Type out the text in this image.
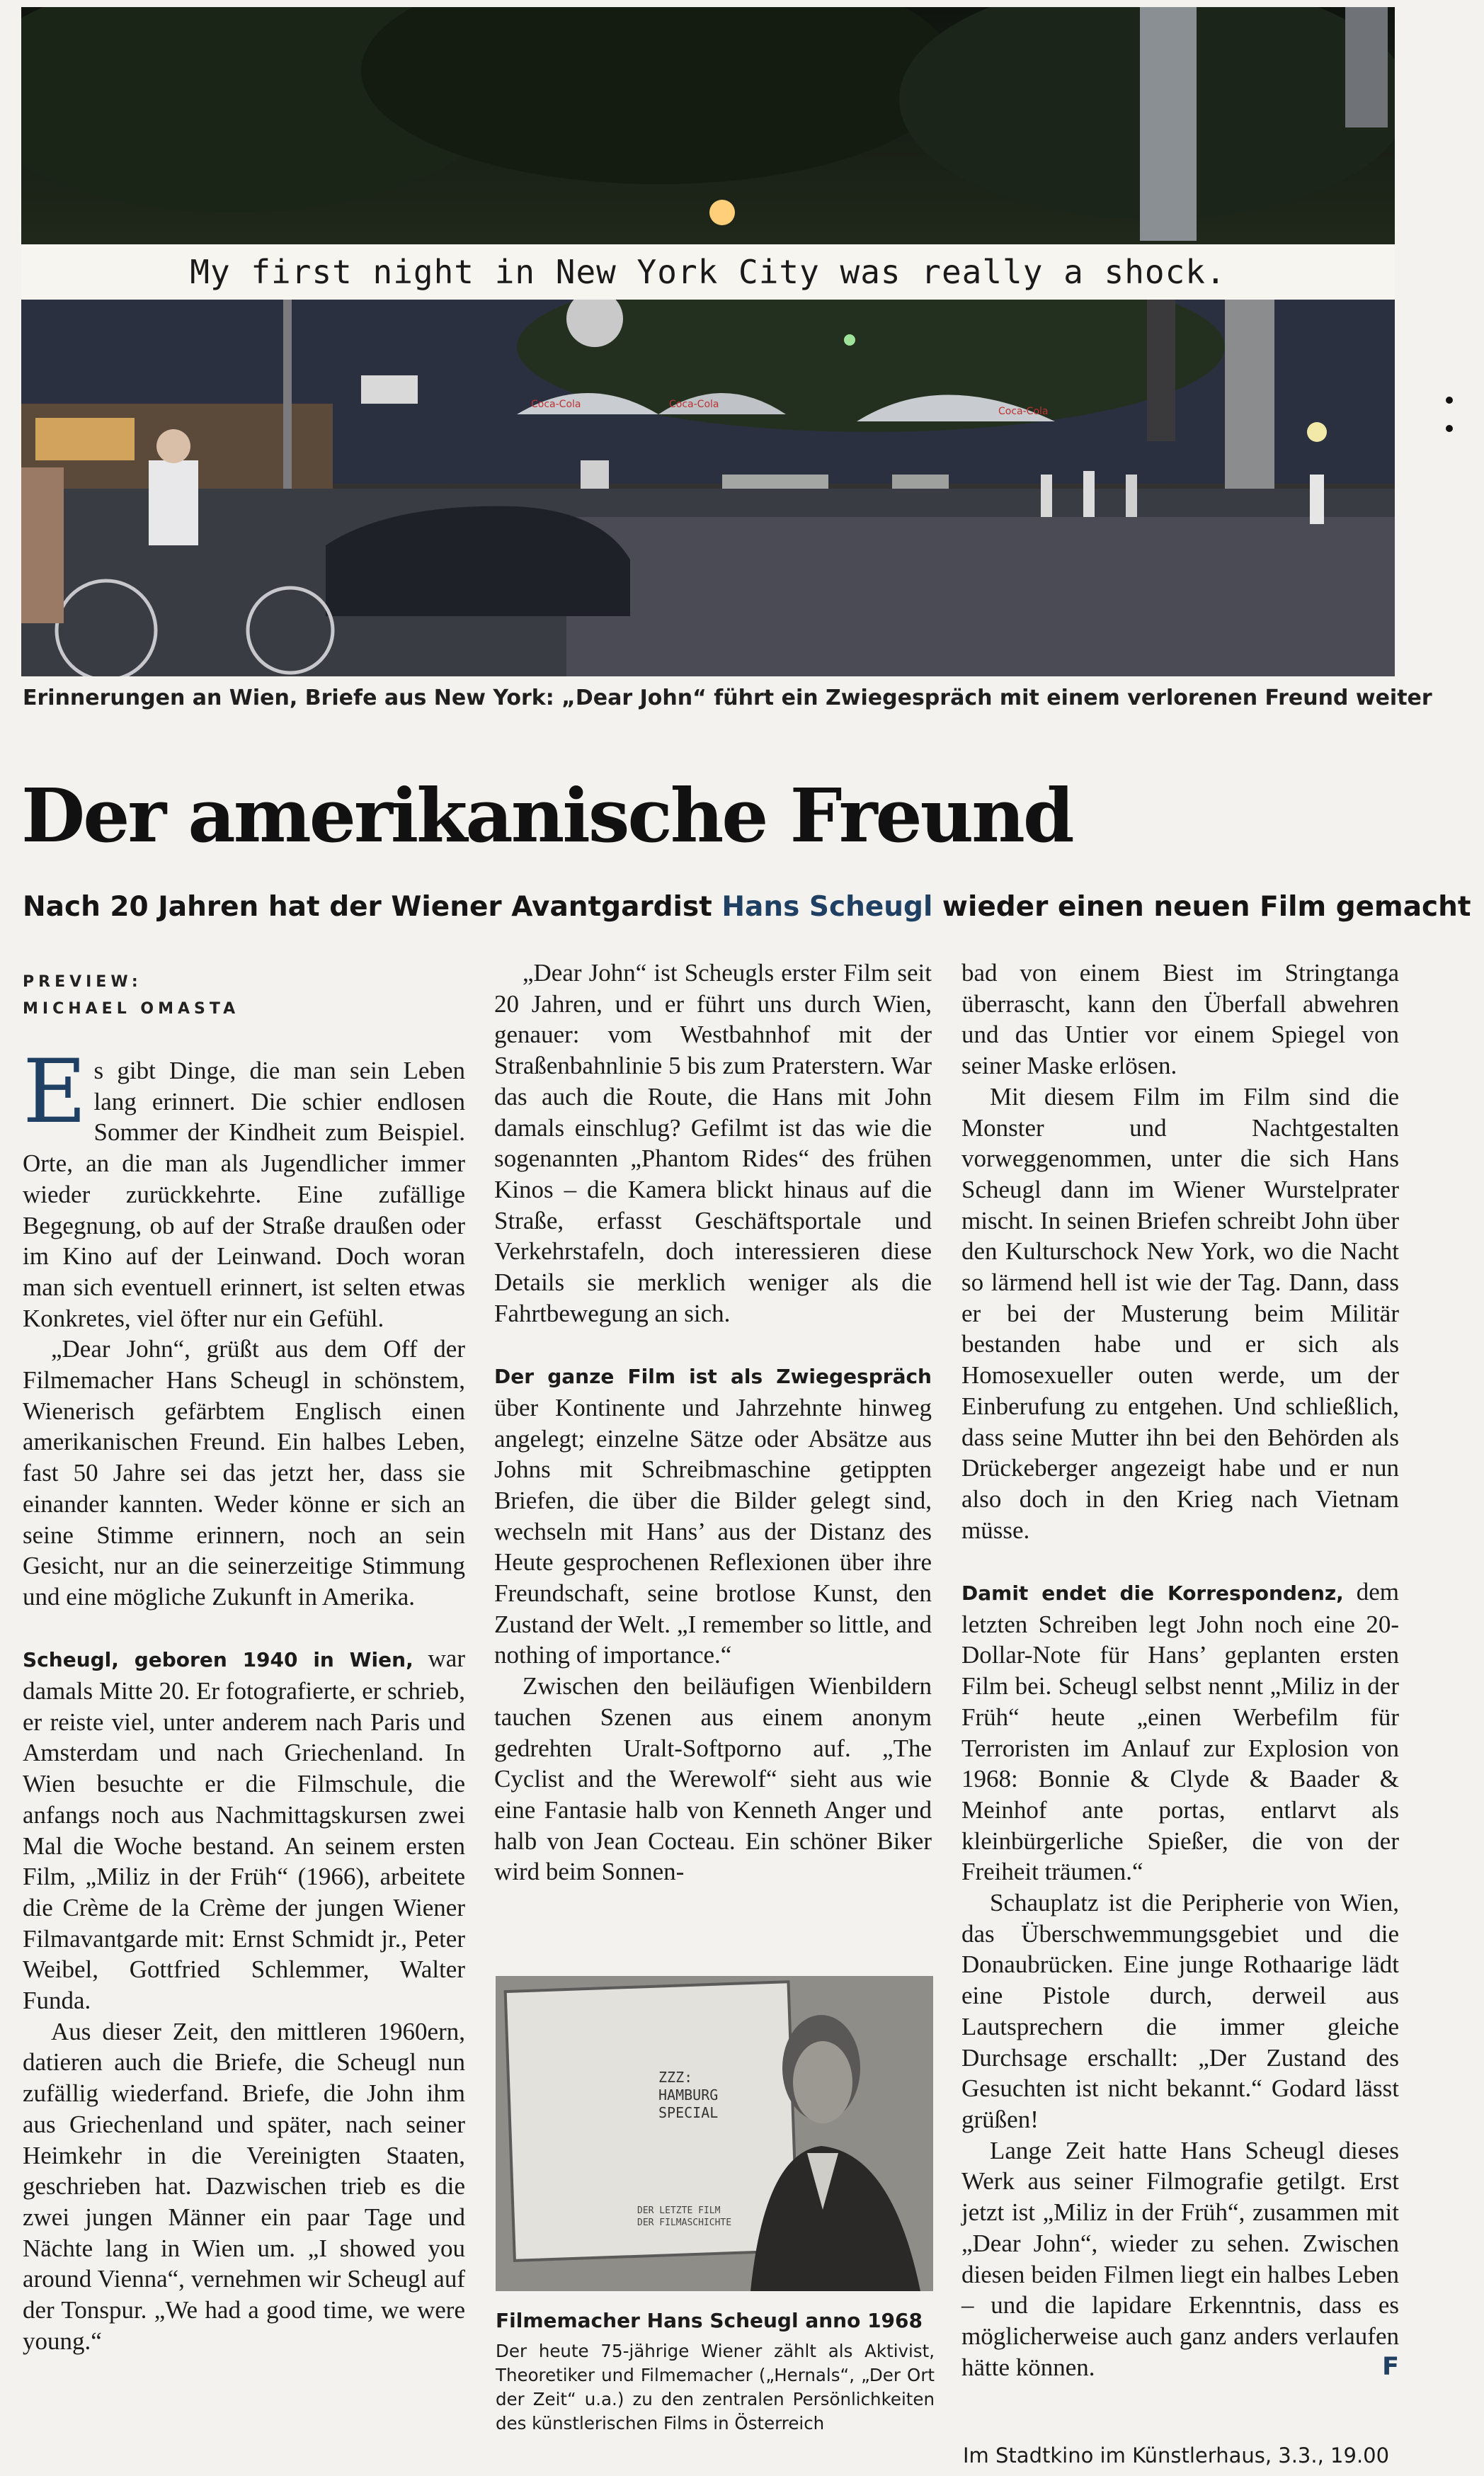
Coca-Cola	Coca-Cola
Coca-Cola
My first night in New York City was really a shock.
Erinnerungen an Wien, Briefe aus New York: „Dear John“ führt ein Zwiegespräch mit einem verlorenen Freund weiter
Der amerikanische Freund
Nach 20 Jahren hat der Wiener Avantgardist Hans Scheugl wieder einen neuen Film gemacht
PREVIEW:
MICHAEL OMASTA

Es gibt Dinge, die man sein Leben lang erinnert. Die schier endlosen Sommer der Kindheit zum Beispiel. Orte, an die man als Jugendlicher immer wieder zurückkehrte. Eine zufällige Begegnung, ob auf der Straße draußen oder im Kino auf der Leinwand. Doch woran man sich eventuell erinnert, ist selten etwas Konkretes, viel öfter nur ein Gefühl.

„Dear John“, grüßt aus dem Off der Filmemacher Hans Scheugl in schönstem, Wienerisch gefärbtem Englisch einen amerikanischen Freund. Ein halbes Leben, fast 50 Jahre sei das jetzt her, dass sie einander kannten. Weder könne er sich an seine Stimme erinnern, noch an sein Gesicht, nur an die seinerzeitige Stimmung und eine mögliche Zukunft in Amerika.

Scheugl, geboren 1940 in Wien, war damals Mitte 20. Er fotografierte, er schrieb, er reiste viel, unter anderem nach Paris und Amsterdam und nach Griechenland. In Wien besuchte er die Filmschule, die anfangs noch aus Nachmittagskursen zwei Mal die Woche bestand. An seinem ersten Film, „Miliz in der Früh“ (1966), arbeitete die Crème de la Crème der jungen Wiener Filmavantgarde mit: Ernst Schmidt jr., Peter Weibel, Gottfried Schlemmer, Walter Funda.

Aus dieser Zeit, den mittleren 1960ern, datieren auch die Briefe, die Scheugl nun zufällig wiederfand. Briefe, die John ihm aus Griechenland und später, nach seiner Heimkehr in die Vereinigten Staaten, geschrieben hat. Dazwischen trieb es die zwei jungen Männer ein paar Tage und Nächte lang in Wien um. „I showed you around Vienna“, vernehmen wir Scheugl auf der Tonspur. „We had a good time, we were young.“

„Dear John“ ist Scheugls erster Film seit 20 Jahren, und er führt uns durch Wien, genauer: vom Westbahnhof mit der Straßenbahnlinie 5 bis zum Praterstern. War das auch die Route, die Hans mit John damals einschlug? Gefilmt ist das wie die sogenannten „Phantom Rides“ des frühen Kinos – die Kamera blickt hinaus auf die Straße, erfasst Geschäftsportale und Verkehrstafeln, doch interessieren diese Details sie merklich weniger als die Fahrtbewegung an sich.

Der ganze Film ist als Zwiegespräch über Kontinente und Jahrzehnte hinweg angelegt; einzelne Sätze oder Absätze aus Johns mit Schreibmaschine getippten Briefen, die über die Bilder gelegt sind, wechseln mit Hans’ aus der Distanz des Heute gesprochenen Reflexionen über ihre Freundschaft, seine brotlose Kunst, den Zustand der Welt. „I remember so little, and nothing of importance.“

Zwischen den beiläufigen Wienbildern tauchen Szenen aus einem anonym gedrehten Uralt-Softporno auf. „The Cyclist and the Werewolf“ sieht aus wie eine Fantasie halb von Kenneth Anger und halb von Jean Cocteau. Ein schöner Biker wird beim Sonnen-

ZZZ:
HAMBURG
SPECIAL
DER LETZTE FILM
DER FILMASCHICHTE
Filmemacher Hans Scheugl anno 1968
Der heute 75-jährige Wiener zählt als Aktivist, Theoretiker und Filmemacher („Hernals“, „Der Ort der Zeit“ u.a.) zu den zentralen Persönlichkeiten des künstlerischen Films in Österreich

bad von einem Biest im Stringtanga überrascht, kann den Überfall abwehren und das Untier vor einem Spiegel von seiner Maske erlösen.

Mit diesem Film im Film sind die Monster und Nachtgestalten vorweggenommen, unter die sich Hans Scheugl dann im Wiener Wurstelprater mischt. In seinen Briefen schreibt John über den Kulturschock New York, wo die Nacht so lärmend hell ist wie der Tag. Dann, dass er bei der Musterung beim Militär bestanden habe und er sich als Homosexueller outen werde, um der Einberufung zu entgehen. Und schließlich, dass seine Mutter ihn bei den Behörden als Drückeberger angezeigt habe und er nun also doch in den Krieg nach Vietnam müsse.

Damit endet die Korrespondenz, dem letzten Schreiben legt John noch eine 20-Dollar-Note für Hans’ geplanten ersten Film bei. Scheugl selbst nennt „Miliz in der Früh“ heute „einen Werbefilm für Terroristen im Anlauf zur Explosion von 1968: Bonnie & Clyde & Baader & Meinhof ante portas, entlarvt als kleinbürgerliche Spießer, die von der Freiheit träumen.“

Schauplatz ist die Peripherie von Wien, das Überschwemmungsgebiet und die Donaubrücken. Eine junge Rothaarige lädt eine Pistole durch, derweil aus Lautsprechern die immer gleiche Durchsage erschallt: „Der Zustand des Gesuchten ist nicht bekannt.“ Godard lässt grüßen!

Lange Zeit hatte Hans Scheugl dieses Werk aus seiner Filmografie getilgt. Erst jetzt ist „Miliz in der Früh“, zusammen mit „Dear John“, wieder zu sehen. Zwischen diesen beiden Filmen liegt ein halbes Leben – und die lapidare Erkenntnis, dass es möglicherweise auch ganz anders verlaufen hätte können.	F

Im Stadtkino im Künstlerhaus, 3.3., 19.00
